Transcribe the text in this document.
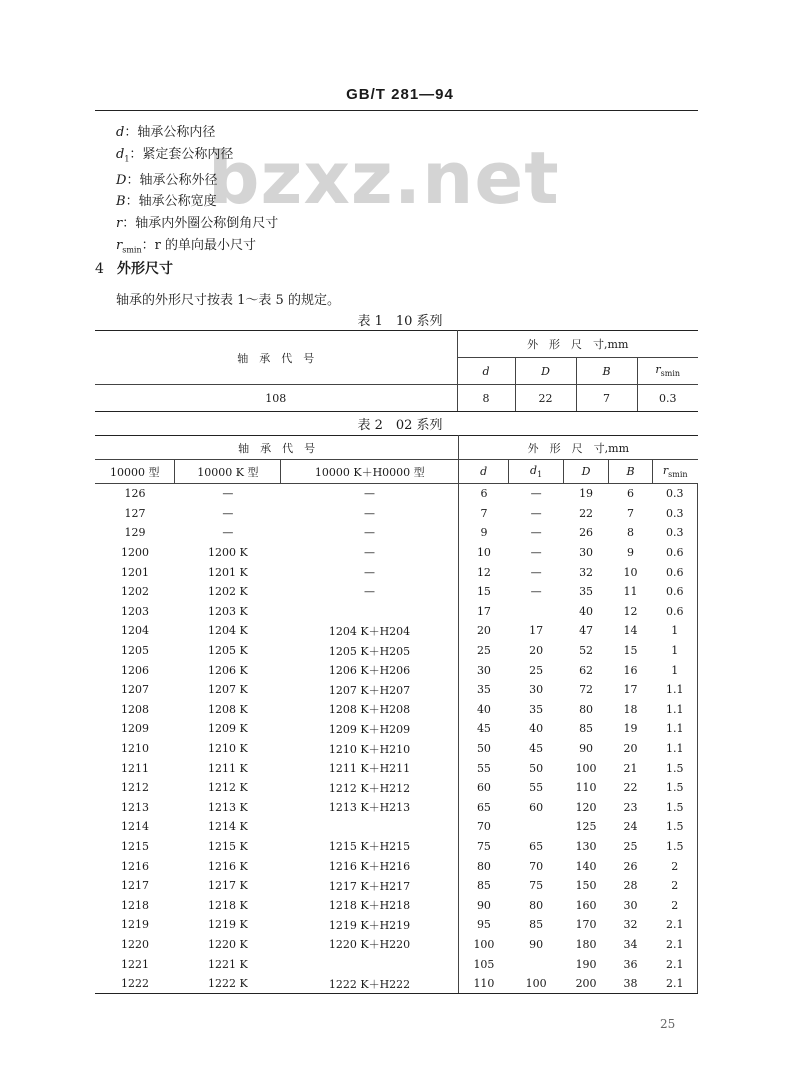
GB/T 281—94
bzxz.net
d：轴承公称内径
$d_1$：紧定套公称内径
D：轴承公称外径
B：轴承公称宽度
r：轴承内外圈公称倒角尺寸
$r_{smin}$：r 的单向最小尺寸
4 外形尺寸
轴承的外形尺寸按表 1～表 5 的规定。
表 1　10 系列
轴　承　代　号	外　形　尺　寸,mm			
	d	D	B	$r_{smin}$
108	8	22	7	0.3
表 2　02 系列
轴　承　代　号			外　形　尺　寸,mm				
10000 型	10000 K 型	10000 K＋H0000 型	d	$d_1$	D	B	$r_{smin}$
126	—	—	6	—	19	6	0.3
127	—	—	7	—	22	7	0.3
129	—	—	9	—	26	8	0.3
1200	1200 K	—	10	—	30	9	0.6
1201	1201 K	—	12	—	32	10	0.6
1202	1202 K	—	15	—	35	11	0.6
1203	1203 K		17		40	12	0.6
1204	1204 K	1204 K＋H204	20	17	47	14	1
1205	1205 K	1205 K＋H205	25	20	52	15	1
1206	1206 K	1206 K＋H206	30	25	62	16	1
1207	1207 K	1207 K＋H207	35	30	72	17	1.1
1208	1208 K	1208 K＋H208	40	35	80	18	1.1
1209	1209 K	1209 K＋H209	45	40	85	19	1.1
1210	1210 K	1210 K＋H210	50	45	90	20	1.1
1211	1211 K	1211 K＋H211	55	50	100	21	1.5
1212	1212 K	1212 K＋H212	60	55	110	22	1.5
1213	1213 K	1213 K＋H213	65	60	120	23	1.5
1214	1214 K		70		125	24	1.5
1215	1215 K	1215 K＋H215	75	65	130	25	1.5
1216	1216 K	1216 K＋H216	80	70	140	26	2
1217	1217 K	1217 K＋H217	85	75	150	28	2
1218	1218 K	1218 K＋H218	90	80	160	30	2
1219	1219 K	1219 K＋H219	95	85	170	32	2.1
1220	1220 K	1220 K＋H220	100	90	180	34	2.1
1221	1221 K		105		190	36	2.1
1222	1222 K	1222 K＋H222	110	100	200	38	2.1
25
